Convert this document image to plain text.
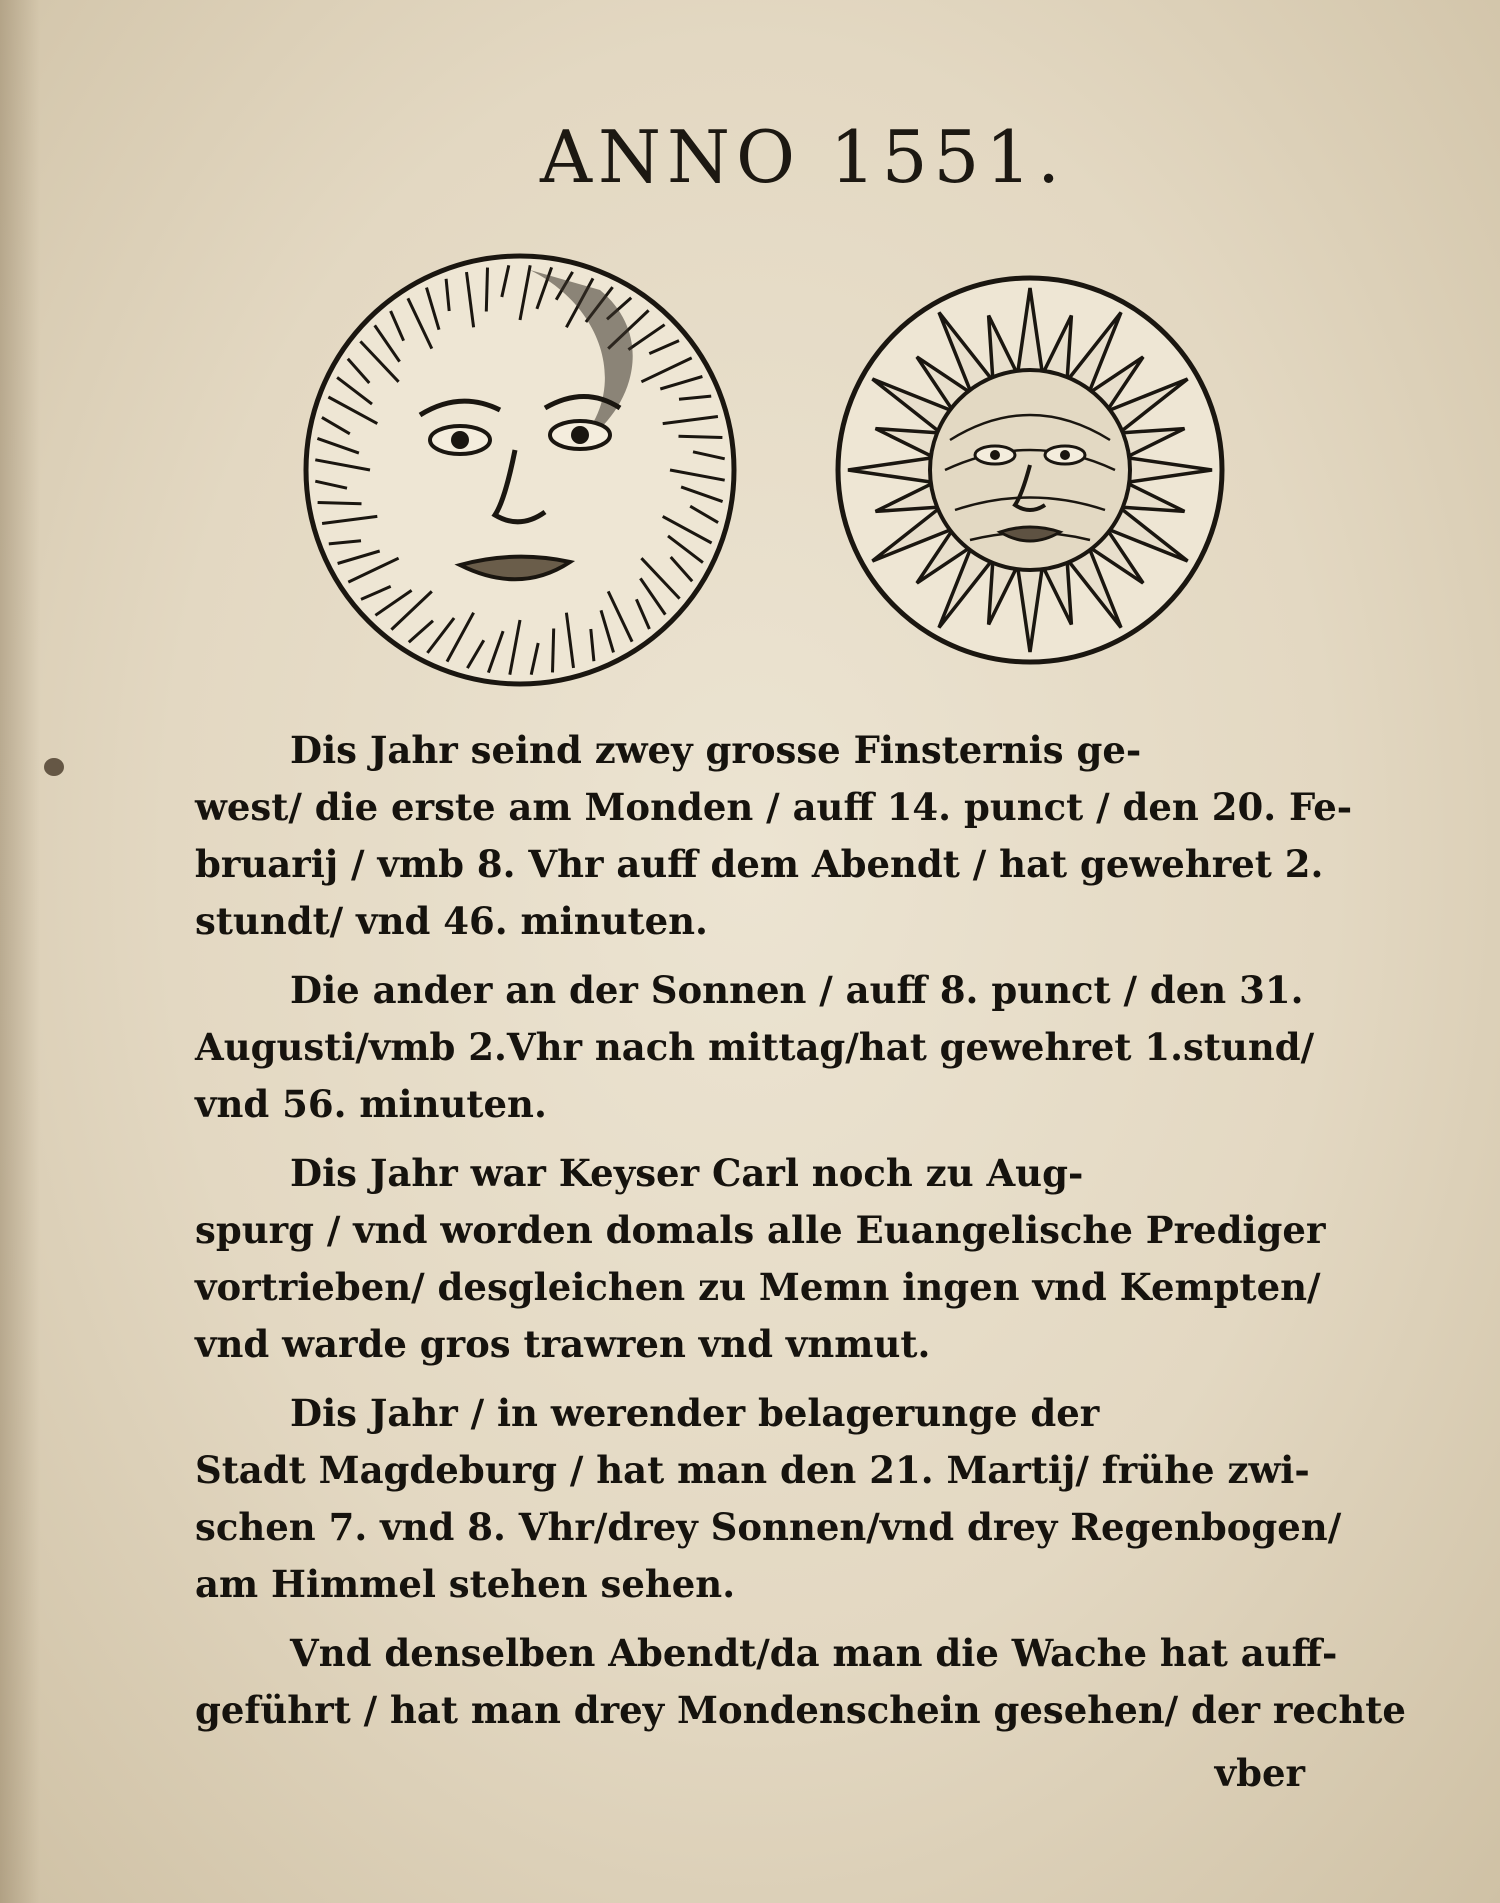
ANNO 1551.

Dis Jahr seind zwey grosse Finsternis ge-
west/ die erste am Monden / auff 14. punct / den 20. Fe-
bruarij / vmb 8. Vhr auff dem Abendt / hat gewehret 2.
stundt/ vnd 46. minuten.

Die ander an der Sonnen / auff 8. punct / den 31.
Augusti/vmb 2.Vhr nach mittag/hat gewehret 1.stund/
vnd 56. minuten.

Dis Jahr war Keyser Carl noch zu Aug-
spurg / vnd worden domals alle Euangelische Prediger
vortrieben/ desgleichen zu Memn ingen vnd Kempten/
vnd warde gros trawren vnd vnmut.

Dis Jahr / in werender belagerunge der
Stadt Magdeburg / hat man den 21. Martij/ frühe zwi-
schen 7. vnd 8. Vhr/drey Sonnen/vnd drey Regenbogen/
am Himmel stehen sehen.

Vnd denselben Abendt/da man die Wache hat auff-
geführt / hat man drey Mondenschein gesehen/ der rechte

vber
